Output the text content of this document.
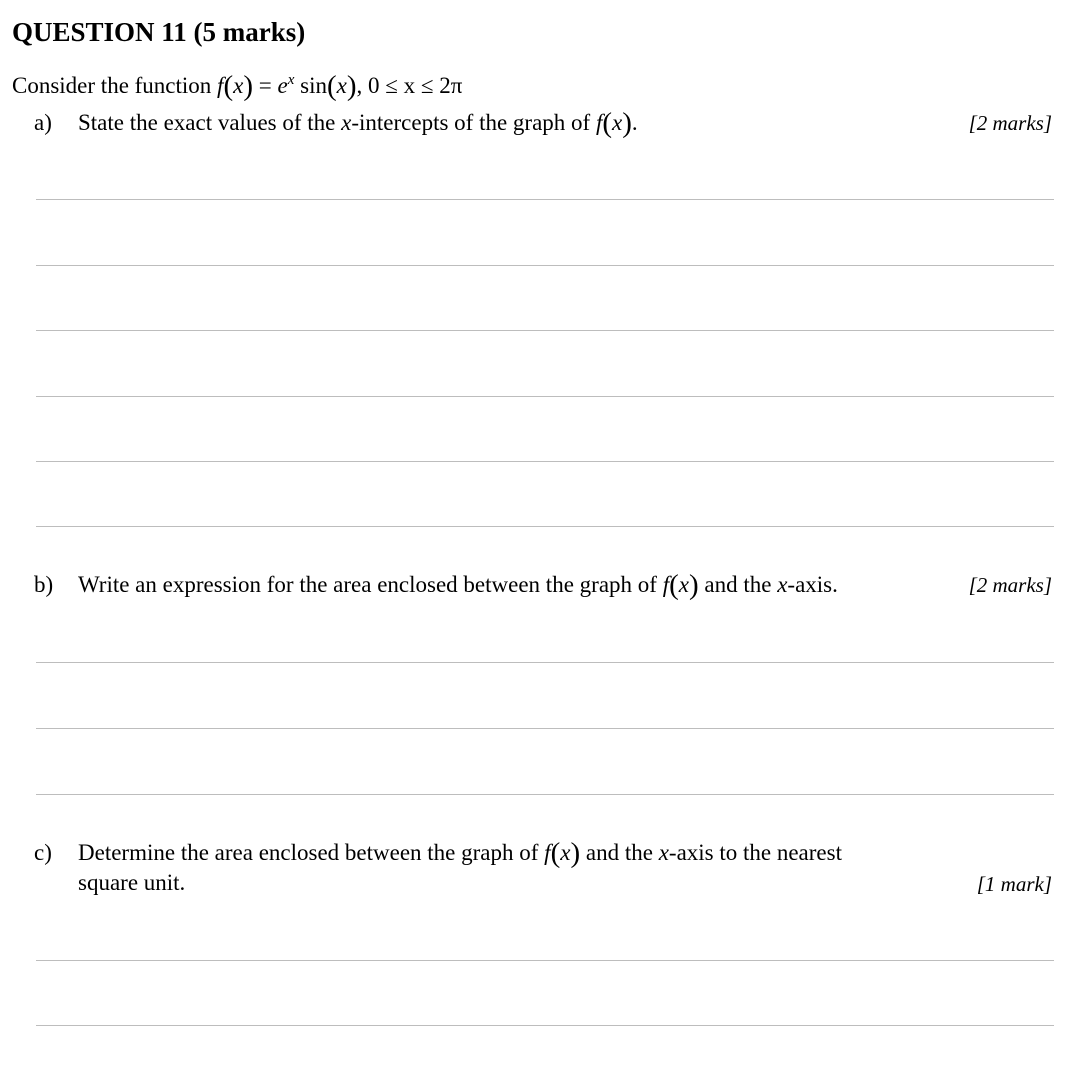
QUESTION 11 (5 marks)
Consider the function $f(x) = e^x$ sin(x), 0 ≤ x ≤ 2π
a) State the exact values of the x-intercepts of the graph of f(x).	[2 marks]
b) Write an expression for the area enclosed between the graph of f(x) and the x-axis.	[2 marks]
c) Determine the area enclosed between the graph of f(x) and the x-axis to the nearest
square unit.	[1 mark]
